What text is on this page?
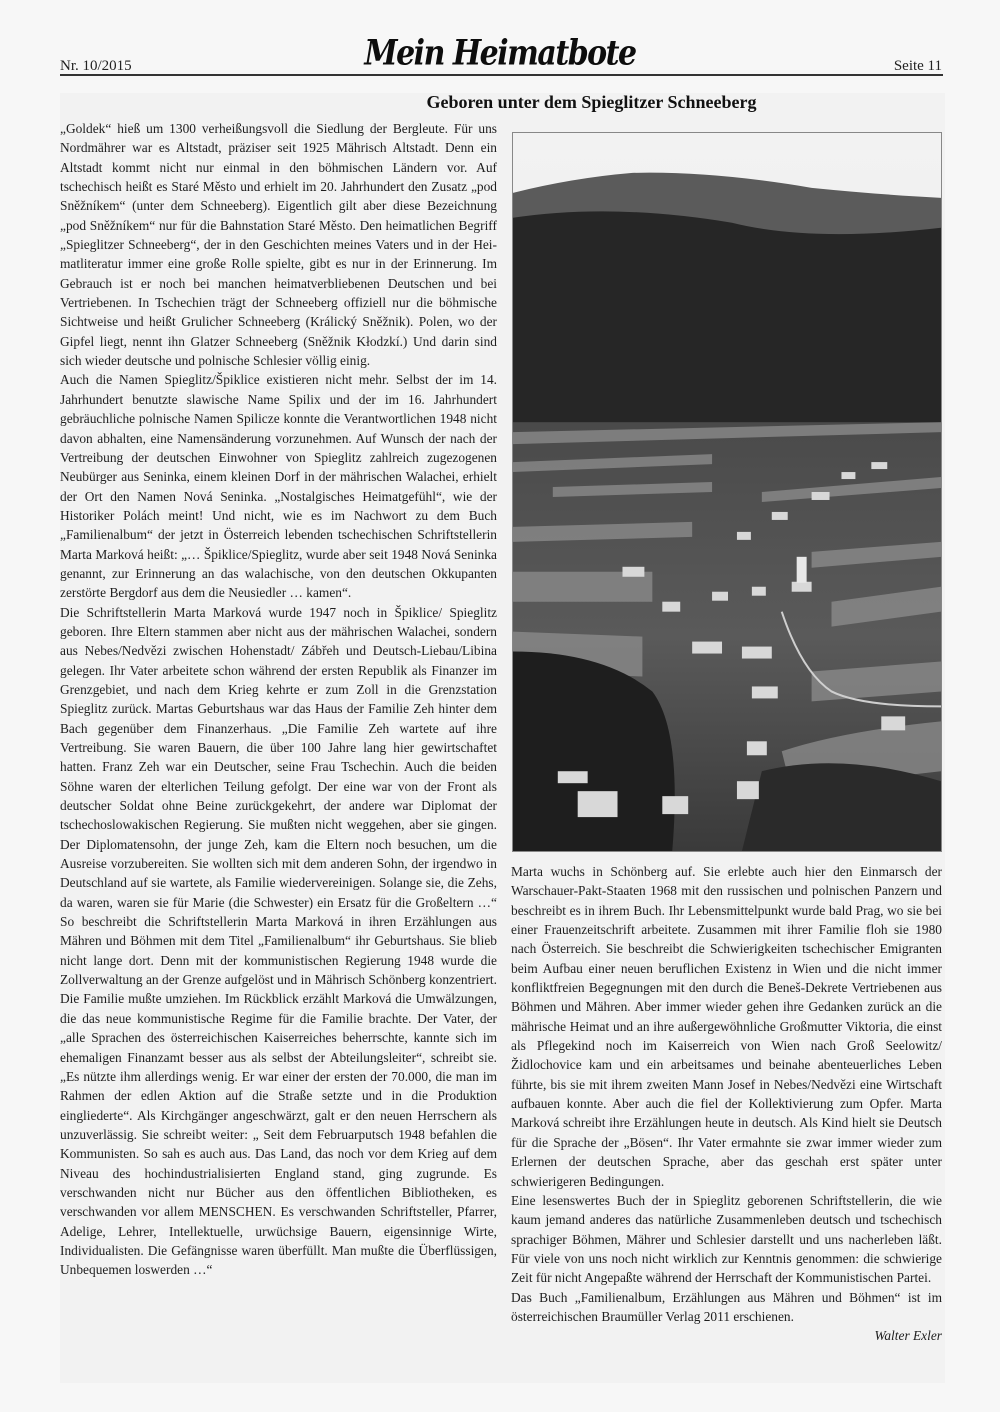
Nr. 10/2015	Mein Heimatbote	Seite 11
Geboren unter dem Spieglitzer Schneeberg

„Goldek“ hieß um 1300 verheißungsvoll die Siedlung der Bergleute. Für uns Nordmährer war es Altstadt, präziser seit 1925 Mährisch Altstadt. Denn ein Altstadt kommt nicht nur einmal in den böhmischen Ländern vor. Auf tschechisch heißt es Staré Město und erhielt im 20. Jahrhundert den Zusatz „pod Sněžníkem“ (unter dem Schneeberg). Eigentlich gilt aber diese Bezeichnung „pod Sněžníkem“ nur für die Bahnstation Staré Město. Den heimatlichen Begriff „Spieglitzer Schneeberg“, der in den Geschichten meines Vaters und in der Heimatliteratur immer eine große Rolle spielte, gibt es nur in der Erinnerung. Im Gebrauch ist er noch bei manchen heimatverbliebenen Deutschen und bei Vertriebenen. In Tschechien trägt der Schneeberg offiziell nur die böhmische Sichtweise und heißt Grulicher Schneeberg (Králický Sněžnik). Polen, wo der Gipfel liegt, nennt ihn Glatzer Schneeberg (Sněžnik Kłodzkí.) Und darin sind sich wieder deutsche und polnische Schlesier völlig einig.

Auch die Namen Spieglitz/Špiklice existieren nicht mehr. Selbst der im 14. Jahrhundert benutzte slawische Name Spilix und der im 16. Jahrhundert gebräuchliche polnische Namen Spilicze konnte die Verantwortlichen 1948 nicht davon abhalten, eine Namensänderung vorzunehmen. Auf Wunsch der nach der Vertreibung der deutschen Einwohner von Spieglitz zahlreich zugezogenen Neubürger aus Seninka, einem kleinen Dorf in der mährischen Walachei, erhielt der Ort den Namen Nová Seninka. „Nostalgisches Heimatgefühl“, wie der Historiker Polách meint! Und nicht, wie es im Nachwort zu dem Buch „Familienalbum“ der jetzt in Österreich lebenden tschechischen Schriftstellerin Marta Marková heißt: „… Špiklice/Spieglitz, wurde aber seit 1948 Nová Seninka genannt, zur Erinnerung an das walachische, von den deutschen Okkupanten zerstörte Bergdorf aus dem die Neusiedler … kamen“.

Die Schriftstellerin Marta Marková wurde 1947 noch in Špiklice/ Spieglitz geboren. Ihre Eltern stammen aber nicht aus der mährischen Walachei, sondern aus Nebes/Nedvězi zwischen Hohenstadt/ Zábřeh und Deutsch-Liebau/Libina gelegen. Ihr Vater arbeitete schon während der ersten Republik als Finanzer im Grenzgebiet, und nach dem Krieg kehrte er zum Zoll in die Grenzstation Spieglitz zurück. Martas Geburtshaus war das Haus der Familie Zeh hinter dem Bach gegenüber dem Finanzerhaus. „Die Familie Zeh wartete auf ihre Vertreibung. Sie waren Bauern, die über 100 Jahre lang hier gewirtschaftet hatten. Franz Zeh war ein Deutscher, seine Frau Tschechin. Auch die beiden Söhne waren der elterlichen Teilung gefolgt. Der eine war von der Front als deutscher Soldat ohne Beine zurückgekehrt, der andere war Diplomat der tschechoslowakischen Regierung. Sie mußten nicht weggehen, aber sie gingen. Der Diplomatensohn, der junge Zeh, kam die Eltern noch besuchen, um die Ausreise vorzubereiten. Sie wollten sich mit dem anderen Sohn, der irgendwo in Deutschland auf sie wartete, als Familie wiedervereinigen. Solange sie, die Zehs, da waren, waren sie für Marie (die Schwester) ein Ersatz für die Großeltern …“ So beschreibt die Schriftstellerin Marta Marková in ihren Erzählungen aus Mähren und Böhmen mit dem Titel „Familienalbum“ ihr Geburtshaus. Sie blieb nicht lange dort. Denn mit der kommunistischen Regierung 1948 wurde die Zollverwaltung an der Grenze aufgelöst und in Mährisch Schönberg konzentriert. Die Familie mußte umziehen. Im Rückblick erzählt Marková die Umwälzungen, die das neue kommunistische Regime für die Familie brachte. Der Vater, der „alle Sprachen des österreichischen Kaiserreiches beherrschte, kannte sich im ehemaligen Finanzamt besser aus als selbst der Abteilungsleiter“, schreibt sie. „Es nützte ihm allerdings wenig. Er war einer der ersten der 70.000, die man im Rahmen der edlen Aktion auf die Straße setzte und in die Produktion eingliederte“. Als Kirchgänger angeschwärzt, galt er den neuen Herrschern als unzuverlässig. Sie schreibt weiter: „ Seit dem Februarputsch 1948 befahlen die Kommunisten. So sah es auch aus. Das Land, das noch vor dem Krieg auf dem Niveau des hochindustrialisierten England stand, ging zugrunde. Es verschwanden nicht nur Bücher aus den öffentlichen Bibliotheken, es verschwanden vor allem MENSCHEN. Es verschwanden Schriftsteller, Pfarrer, Adelige, Lehrer, Intellektuelle, urwüchsige Bauern, eigensinnige Wirte, Individualisten. Die Gefängnisse waren überfüllt. Man mußte die Überflüssigen, Unbequemen loswerden …“

Marta wuchs in Schönberg auf. Sie erlebte auch hier den Einmarsch der Warschauer-Pakt-Staaten 1968 mit den russischen und polnischen Panzern und beschreibt es in ihrem Buch. Ihr Lebensmittelpunkt wurde bald Prag, wo sie bei einer Frauenzeitschrift arbeitete. Zusammen mit ihrer Familie floh sie 1980 nach Österreich. Sie beschreibt die Schwierigkeiten tschechischer Emigranten beim Aufbau einer neuen beruflichen Existenz in Wien und die nicht immer konfliktfreien Begegnungen mit den durch die Beneš-Dekrete Vertriebenen aus Böhmen und Mähren. Aber immer wieder gehen ihre Gedanken zurück an die mährische Heimat und an ihre außergewöhnliche Großmutter Viktoria, die einst als Pflegekind noch im Kaiserreich von Wien nach Groß Seelowitz/Židlochovice kam und ein arbeitsames und beinahe abenteuerliches Leben führte, bis sie mit ihrem zweiten Mann Josef in Nebes/Nedvězi eine Wirtschaft aufbauen konnte. Aber auch die fiel der Kollektivierung zum Opfer. Marta Marková schreibt ihre Erzählungen heute in deutsch. Als Kind hielt sie Deutsch für die Sprache der „Bösen“. Ihr Vater ermahnte sie zwar immer wieder zum Erlernen der deutschen Sprache, aber das geschah erst später unter schwierigeren Bedingungen.

Eine lesenswertes Buch der in Spieglitz geborenen Schriftstellerin, die wie kaum jemand anderes das natürliche Zusammenleben deutsch und tschechisch sprachiger Böhmen, Mährer und Schlesier darstellt und uns nacherleben läßt. Für viele von uns noch nicht wirklich zur Kenntnis genommen: die schwierige Zeit für nicht Angepaßte während der Herrschaft der Kommunistischen Partei.

Das Buch „Familienalbum, Erzählungen aus Mähren und Böhmen“ ist im österreichischen Braumüller Verlag 2011 erschienen.

Walter Exler
